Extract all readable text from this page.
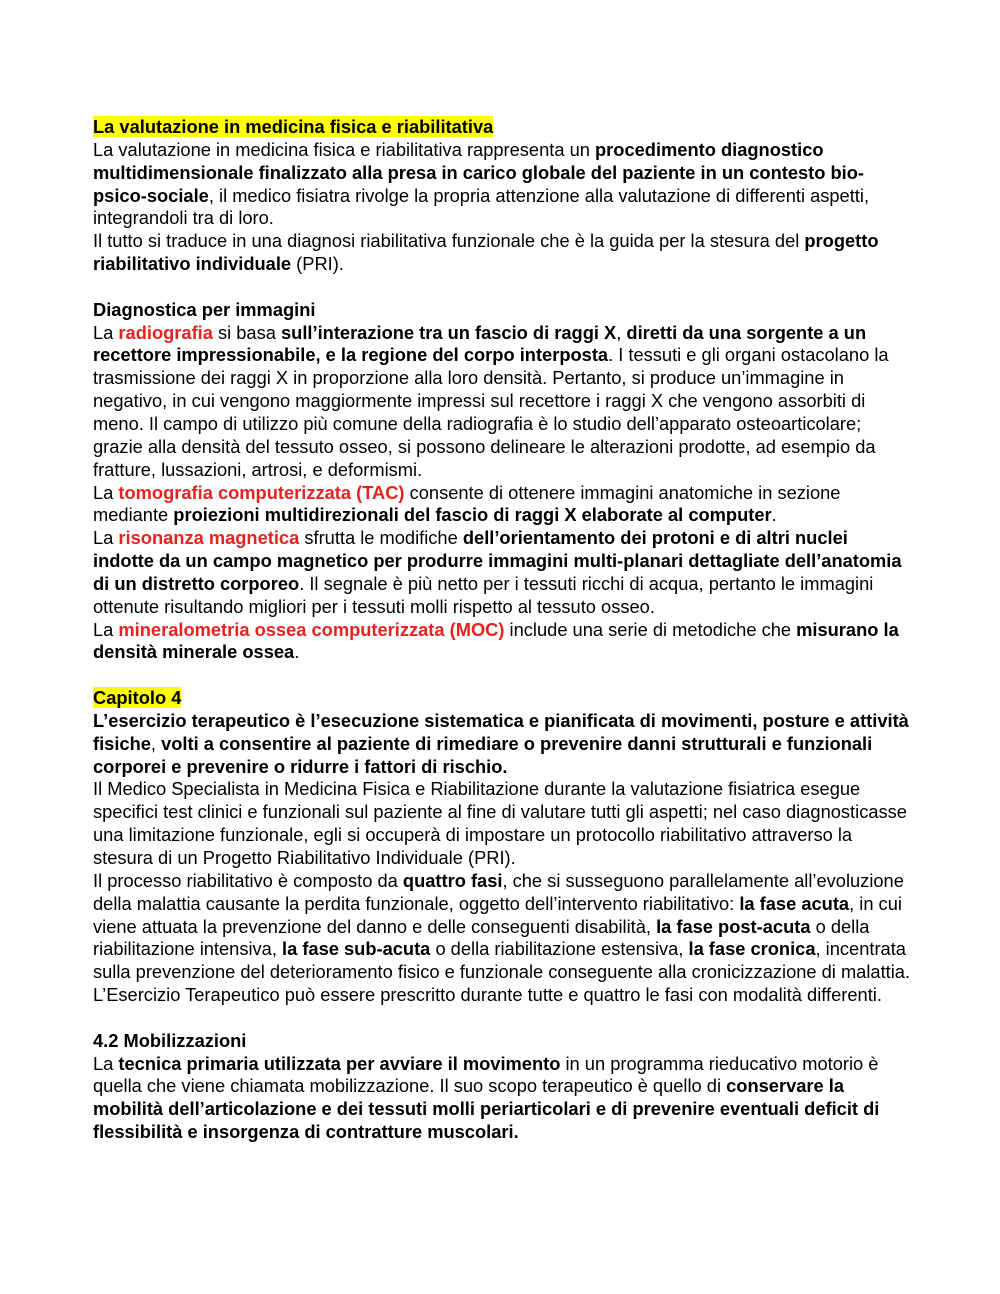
La valutazione in medicina fisica e riabilitativa

La valutazione in medicina fisica e riabilitativa rappresenta un procedimento diagnostico multidimensionale finalizzato alla presa in carico globale del paziente in un contesto bio-psico-sociale, il medico fisiatra rivolge la propria attenzione alla valutazione di differenti aspetti, integrandoli tra di loro.

Il tutto si traduce in una diagnosi riabilitativa funzionale che è la guida per la stesura del progetto riabilitativo individuale (PRI).

Diagnostica per immagini

La radiografia si basa sull’interazione tra un fascio di raggi X, diretti da una sorgente a un recettore impressionabile, e la regione del corpo interposta. I tessuti e gli organi ostacolano la trasmissione dei raggi X in proporzione alla loro densità. Pertanto, si produce un’immagine in negativo, in cui vengono maggiormente impressi sul recettore i raggi X che vengono assorbiti di meno. Il campo di utilizzo più comune della radiografia è lo studio dell’apparato osteoarticolare; grazie alla densità del tessuto osseo, si possono delineare le alterazioni prodotte, ad esempio da fratture, lussazioni, artrosi, e deformismi.

La tomografia computerizzata (TAC) consente di ottenere immagini anatomiche in sezione mediante proiezioni multidirezionali del fascio di raggi X elaborate al computer.

La risonanza magnetica sfrutta le modifiche dell’orientamento dei protoni e di altri nuclei indotte da un campo magnetico per produrre immagini multi-planari dettagliate dell’anatomia di un distretto corporeo. Il segnale è più netto per i tessuti ricchi di acqua, pertanto le immagini ottenute risultando migliori per i tessuti molli rispetto al tessuto osseo.

La mineralometria ossea computerizzata (MOC) include una serie di metodiche che misurano la densità minerale ossea.

Capitolo 4

L’esercizio terapeutico è l’esecuzione sistematica e pianificata di movimenti, posture e attività fisiche, volti a consentire al paziente di rimediare o prevenire danni strutturali e funzionali corporei e prevenire o ridurre i fattori di rischio.

Il Medico Specialista in Medicina Fisica e Riabilitazione durante la valutazione fisiatrica esegue specifici test clinici e funzionali sul paziente al fine di valutare tutti gli aspetti; nel caso diagnosticasse una limitazione funzionale, egli si occuperà di impostare un protocollo riabilitativo attraverso la stesura di un Progetto Riabilitativo Individuale (PRI).

Il processo riabilitativo è composto da quattro fasi, che si susseguono parallelamente all’evoluzione della malattia causante la perdita funzionale, oggetto dell’intervento riabilitativo: la fase acuta, in cui viene attuata la prevenzione del danno e delle conseguenti disabilità, la fase post-acuta o della riabilitazione intensiva, la fase sub-acuta o della riabilitazione estensiva, la fase cronica, incentrata sulla prevenzione del deterioramento fisico e funzionale conseguente alla cronicizzazione di malattia.

L’Esercizio Terapeutico può essere prescritto durante tutte e quattro le fasi con modalità differenti.

4.2 Mobilizzazioni

La tecnica primaria utilizzata per avviare il movimento in un programma rieducativo motorio è quella che viene chiamata mobilizzazione. Il suo scopo terapeutico è quello di conservare la mobilità dell’articolazione e dei tessuti molli periarticolari e di prevenire eventuali deficit di flessibilità e insorgenza di contratture muscolari.
